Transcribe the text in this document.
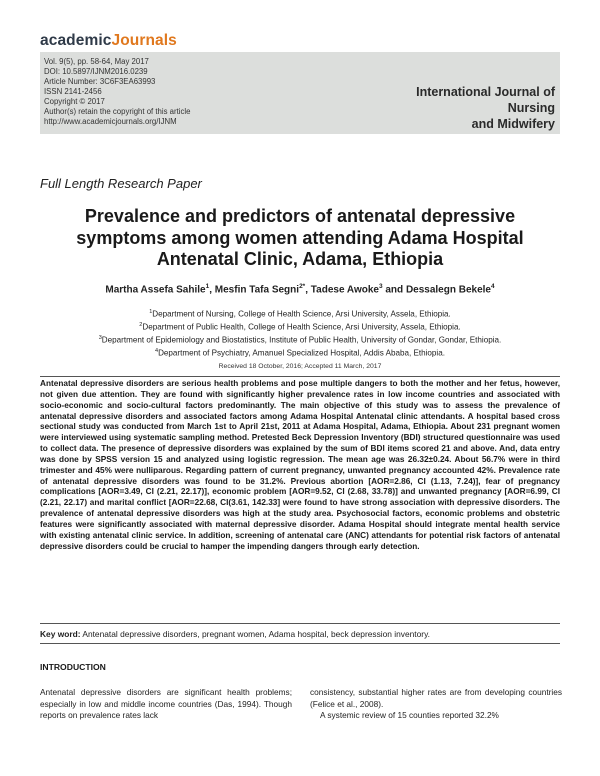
academicJournals
Vol. 9(5), pp. 58-64, May 2017
DOI: 10.5897/IJNM2016.0239
Article Number: 3C6F3EA63993
ISSN 2141-2456
Copyright © 2017
Author(s) retain the copyright of this article
http://www.academicjournals.org/IJNM
International Journal of Nursing
and Midwifery
Full Length Research Paper
Prevalence and predictors of antenatal depressive
symptoms among women attending Adama Hospital
Antenatal Clinic, Adama, Ethiopia
Martha Assefa Sahile$^1$, Mesfin Tafa Segni$^{2*}$, Tadese Awoke$^3$ and Dessalegn Bekele$^4$
$^1$Department of Nursing, College of Health Science, Arsi University, Assela, Ethiopia.
$^2$Department of Public Health, College of Health Science, Arsi University, Assela, Ethiopia.
$^3$Department of Epidemiology and Biostatistics, Institute of Public Health, University of Gondar, Gondar, Ethiopia.
$^4$Department of Psychiatry, Amanuel Specialized Hospital, Addis Ababa, Ethiopia.
Received 18 October, 2016; Accepted 11 March, 2017
Antenatal depressive disorders are serious health problems and pose multiple dangers to both the mother and her fetus, however, not given due attention. They are found with significantly higher prevalence rates in low income countries and associated with socio-economic and socio-cultural factors predominantly. The main objective of this study was to assess the prevalence of antenatal depressive disorders and associated factors among Adama Hospital Antenatal clinic attendants. A hospital based cross sectional study was conducted from March 1st to April 21st, 2011 at Adama Hospital, Adama, Ethiopia. About 231 pregnant women were interviewed using systematic sampling method. Pretested Beck Depression Inventory (BDI) structured questionnaire was used to collect data. The presence of depressive disorders was explained by the sum of BDI items scored 21 and above. And, data entry was done by SPSS version 15 and analyzed using logistic regression. The mean age was 26.32±0.24. About 56.7% were in third trimester and 45% were nulliparous. Regarding pattern of current pregnancy, unwanted pregnancy accounted 42%. Prevalence rate of antenatal depressive disorders was found to be 31.2%. Previous abortion [AOR=2.86, CI (1.13, 7.24)], fear of pregnancy complications [AOR=3.49, CI (2.21, 22.17)], economic problem [AOR=9.52, CI (2.68, 33.78)] and unwanted pregnancy [AOR=6.99, CI (2.21, 22.17) and marital conflict [AOR=22.68, CI(3.61, 142.33] were found to have strong association with depressive disorders. The prevalence of antenatal depressive disorders was high at the study area. Psychosocial factors, economic problems and obstetric features were significantly associated with maternal depressive disorder. Adama Hospital should integrate mental health service with existing antenatal clinic service. In addition, screening of antenatal care (ANC) attendants for potential risk factors of antenatal depressive disorders could be crucial to hamper the impending dangers through early detection.
Key word: Antenatal depressive disorders, pregnant women, Adama hospital, beck depression inventory.
INTRODUCTION

Antenatal depressive disorders are significant health problems; especially in low and middle income countries (Das, 1994). Though reports on prevalence rates lack

consistency, substantial higher rates are from developing countries (Felice et al., 2008).

A systemic review of 15 counties reported 32.2%
